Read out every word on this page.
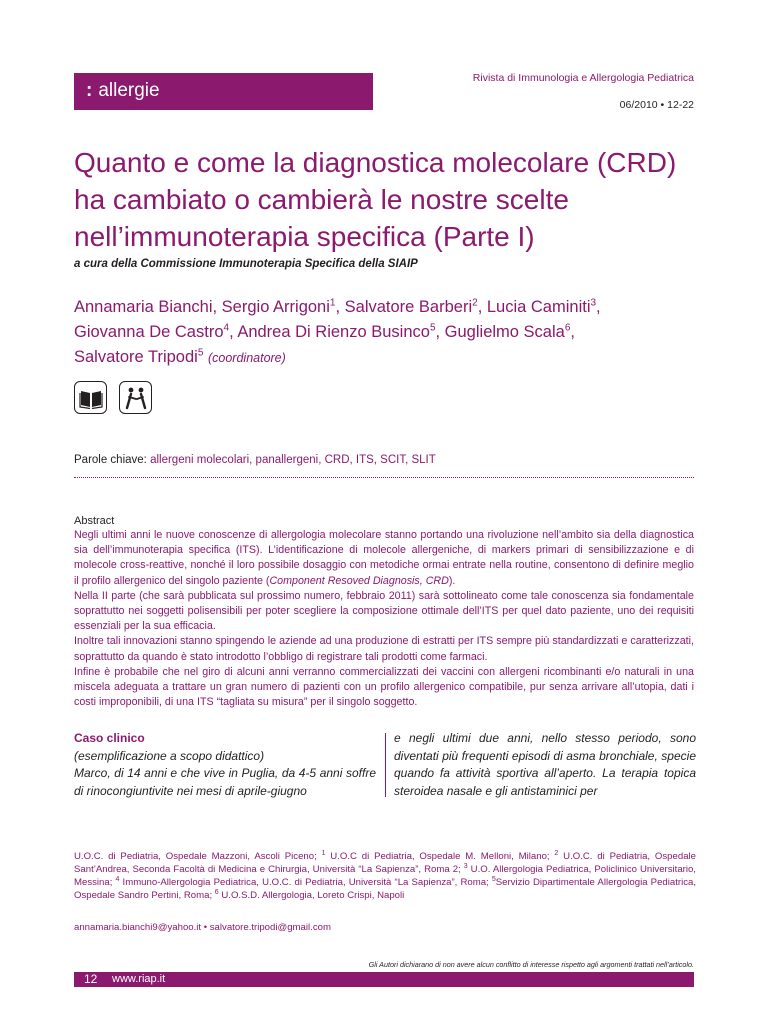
: allergie
Rivista di Immunologia e Allergologia Pediatrica
06/2010 • 12-22
Quanto e come la diagnostica molecolare (CRD) ha cambiato o cambierà le nostre scelte nell’immunoterapia specifica (Parte I)
a cura della Commissione Immunoterapia Specifica della SIAIP
Annamaria Bianchi, Sergio Arrigoni$^1$, Salvatore Barberi$^2$, Lucia Caminiti$^3$,
Giovanna De Castro$^4$, Andrea Di Rienzo Businco$^5$, Guglielmo Scala$^6$,
Salvatore Tripodi$^5$ (coordinatore)
Parole chiave: allergeni molecolari, panallergeni, CRD, ITS, SCIT, SLIT
Abstract

Negli ultimi anni le nuove conoscenze di allergologia molecolare stanno portando una rivoluzione nell’ambito sia della diagnostica sia dell’immunoterapia specifica (ITS). L’identificazione di molecole allergeniche, di markers primari di sensibilizzazione e di molecole cross-reattive, nonché il loro possibile dosaggio con metodiche ormai entrate nella routine, consentono di definire meglio il profilo allergenico del singolo paziente (Component Resoved Diagnosis, CRD).

Nella II parte (che sarà pubblicata sul prossimo numero, febbraio 2011) sarà sottolineato come tale conoscenza sia fondamentale soprattutto nei soggetti polisensibili per poter scegliere la composizione ottimale dell’ITS per quel dato paziente, uno dei requisiti essenziali per la sua efficacia.

Inoltre tali innovazioni stanno spingendo le aziende ad una produzione di estratti per ITS sempre più standardizzati e caratterizzati, soprattutto da quando è stato introdotto l’obbligo di registrare tali prodotti come farmaci.

Infine è probabile che nel giro di alcuni anni verranno commercializzati dei vaccini con allergeni ricombinanti e/o naturali in una miscela adeguata a trattare un gran numero di pazienti con un profilo allergenico compatibile, pur senza arrivare all’utopia, dati i costi improponibili, di una ITS “tagliata su misura” per il singolo soggetto.

Caso clinico
(esemplificazione a scopo didattico)
Marco, di 14 anni e che vive in Puglia, da 4-5 anni soffre di rinocongiuntivite nei mesi di aprile-giugno
e negli ultimi due anni, nello stesso periodo, sono diventati più frequenti episodi di asma bronchiale, specie quando fa attività sportiva all’aperto. La terapia topica steroidea nasale e gli antistaminici per
U.O.C. di Pediatria, Ospedale Mazzoni, Ascoli Piceno; $^1$ U.O.C di Pediatria, Ospedale M. Melloni, Milano; $^2$ U.O.C. di Pediatria, Ospedale Sant’Andrea, Seconda Facoltà di Medicina e Chirurgia, Università “La Sapienza”, Roma 2; $^3$ U.O. Allergologia Pediatrica, Policlinico Universitario, Messina; $^4$ Immuno-Allergologia Pediatrica, U.O.C. di Pediatria, Università “La Sapienza”, Roma; $^5$Servizio Dipartimentale Allergologia Pediatrica, Ospedale Sandro Pertini, Roma; $^6$ U.O.S.D. Allergologia, Loreto Crispi, Napoli
annamaria.bianchi9@yahoo.it • salvatore.tripodi@gmail.com
Gli Autori dichiarano di non avere alcun conflitto di interesse rispetto agli argomenti trattati nell’articolo.
12 www.riap.it
